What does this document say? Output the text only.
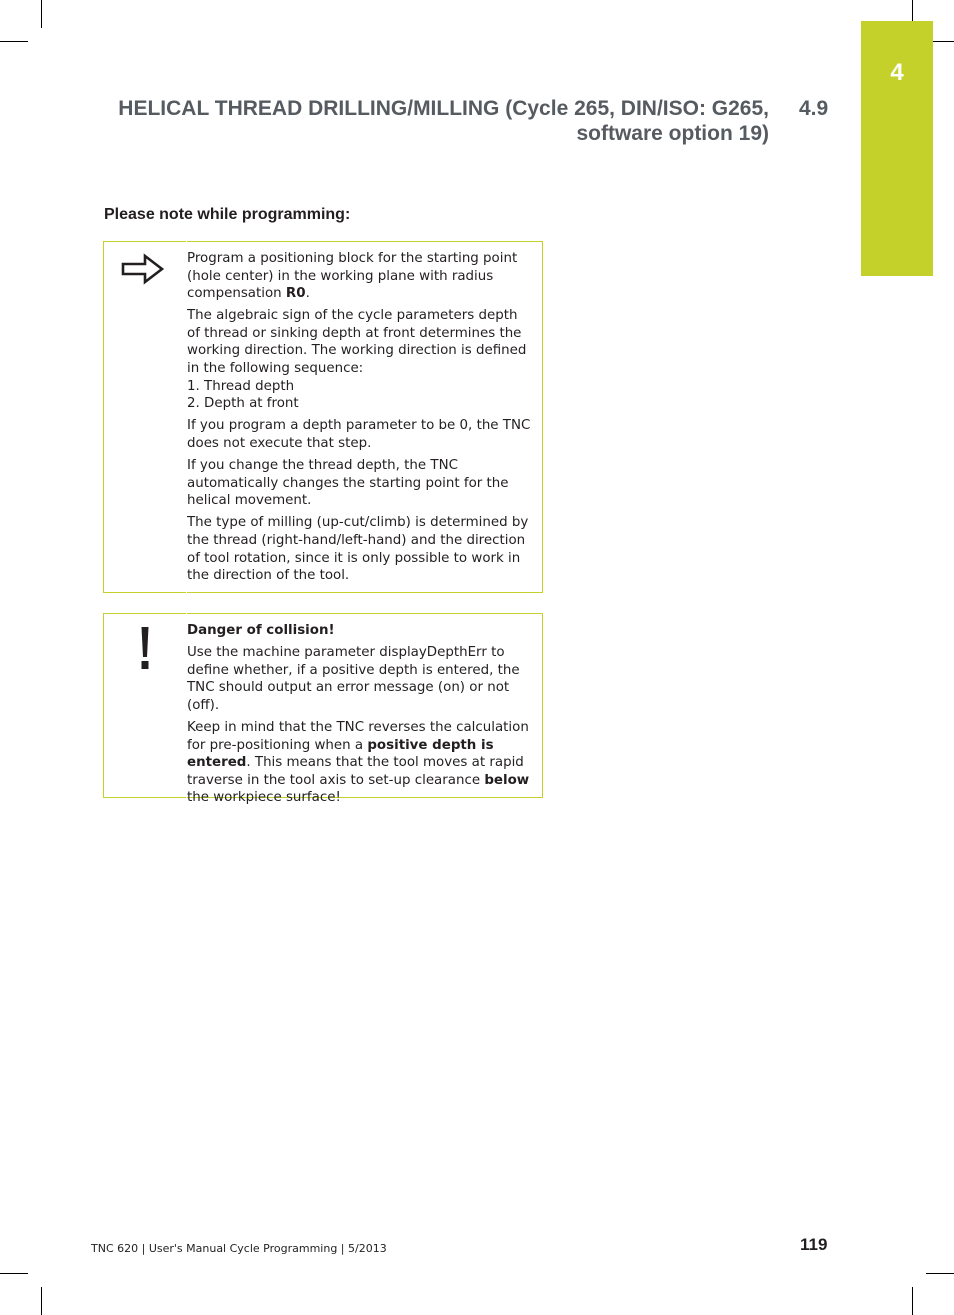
4
HELICAL THREAD DRILLING/MILLING (Cycle 265, DIN/ISO: G265,
software option 19)
4.9
Please note while programming:

Program a positioning block for the starting point (hole center) in the working plane with radius compensation R0.

The algebraic sign of the cycle parameters depth of thread or sinking depth at front determines the working direction. The working direction is defined in the following sequence:
1. Thread depth
2. Depth at front

If you program a depth parameter to be 0, the TNC does not execute that step.

If you change the thread depth, the TNC automatically changes the starting point for the helical movement.

The type of milling (up-cut/climb) is determined by the thread (right-hand/left-hand) and the direction of tool rotation, since it is only possible to work in the direction of the tool.

Danger of collision!

Use the machine parameter displayDepthErr to define whether, if a positive depth is entered, the TNC should output an error message (on) or not (off).

Keep in mind that the TNC reverses the calculation for pre-positioning when a positive depth is entered. This means that the tool moves at rapid traverse in the tool axis to set-up clearance below the workpiece surface!

TNC 620 | User's Manual Cycle Programming | 5/2013	119
